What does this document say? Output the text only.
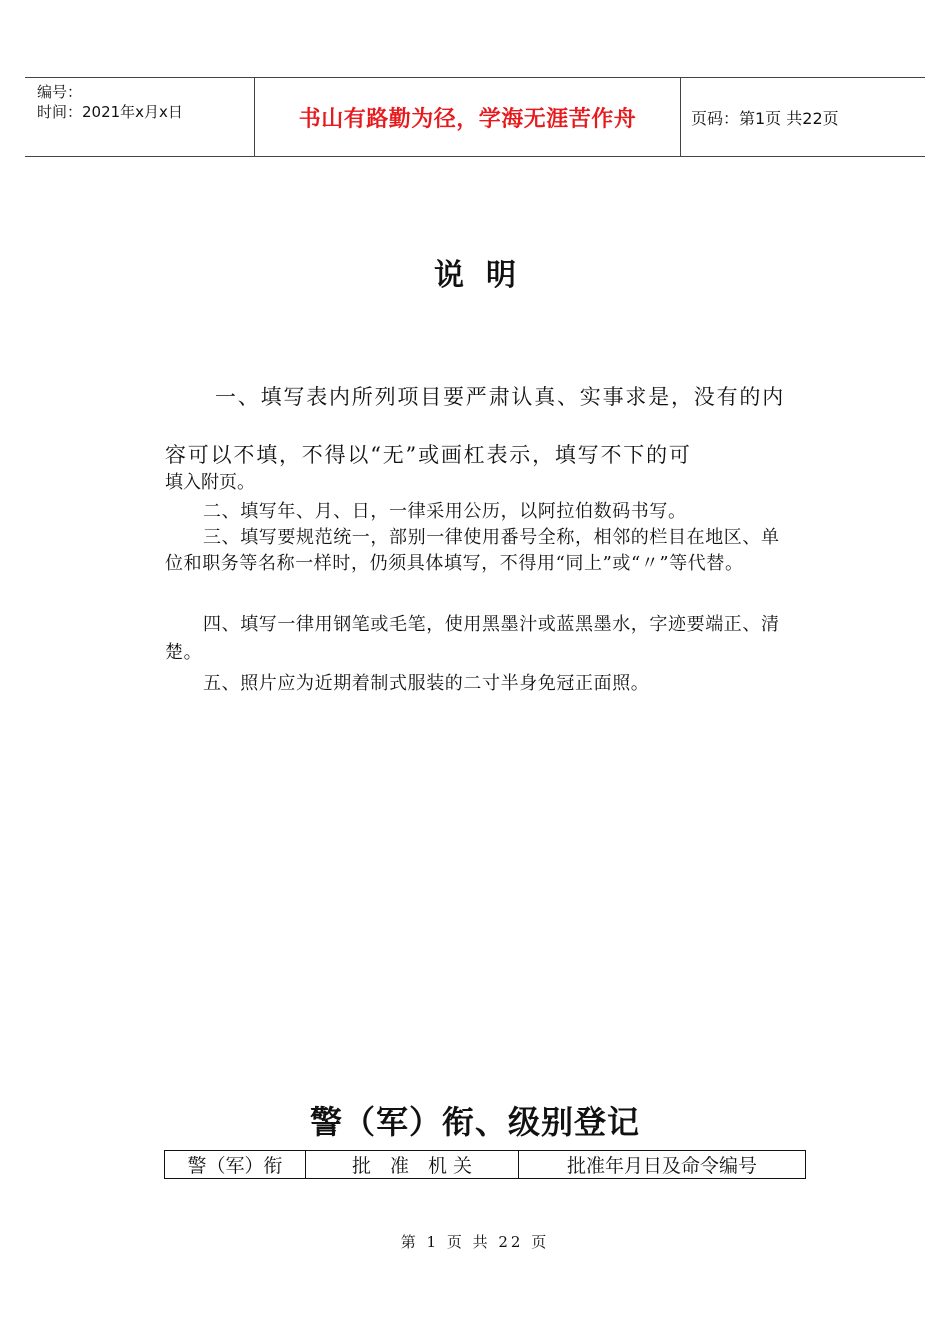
编号：
时间：2021年x月x日	书山有路勤为径，学海无涯苦作舟	页码：第1页 共22页
说明
一、填写表内所列项目要严肃认真、实事求是，没有的内容可以不填，不得以“无”或画杠表示，填写不下的可
填入附页。
二、填写年、月、日，一律采用公历，以阿拉伯数码书写。
三、填写要规范统一，部别一律使用番号全称，相邻的栏目在地区、单位和职务等名称一样时，仍须具体填写，不得用“同上”或“〃”等代替。
四、填写一律用钢笔或毛笔，使用黑墨汁或蓝黑墨水，字迹要端正、清楚。
五、照片应为近期着制式服装的二寸半身免冠正面照。
警（军）衔、级别登记
警（军）衔	批　准　机 关	批准年月日及命令编号
第 1 页 共 22 页
